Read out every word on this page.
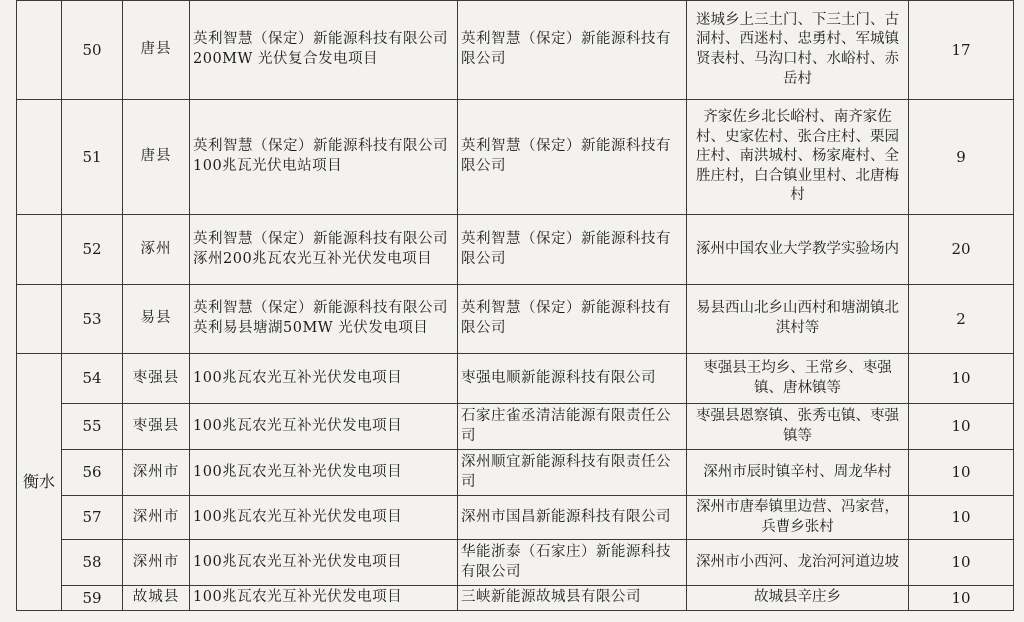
	50	唐县	英利智慧（保定）新能源科技有限公司200MW 光伏复合发电项目	英利智慧（保定）新能源科技有限公司	迷城乡上三土门、下三土门、古洞村、西迷村、忠勇村、军城镇贤表村、马沟口村、水峪村、赤岳村	17
	51	唐县	英利智慧（保定）新能源科技有限公司100兆瓦光伏电站项目	英利智慧（保定）新能源科技有限公司	齐家佐乡北长峪村、南齐家佐村、史家佐村、张合庄村、栗园庄村、南洪城村、杨家庵村、全胜庄村，白合镇业里村、北唐梅村	9
	52	涿州	英利智慧（保定）新能源科技有限公司涿州200兆瓦农光互补光伏发电项目	英利智慧（保定）新能源科技有限公司	涿州中国农业大学教学实验场内	20
	53	易县	英利智慧（保定）新能源科技有限公司英利易县塘湖50MW 光伏发电项目	英利智慧（保定）新能源科技有限公司	易县西山北乡山西村和塘湖镇北淇村等	2
衡水	54	枣强县	100兆瓦农光互补光伏发电项目	枣强电顺新能源科技有限公司	枣强县王均乡、王常乡、枣强镇、唐林镇等	10
	55	枣强县	100兆瓦农光互补光伏发电项目	石家庄雀丞清洁能源有限责任公司	枣强县恩察镇、张秀屯镇、枣强镇等	10
	56	深州市	100兆瓦农光互补光伏发电项目	深州顺宜新能源科技有限责任公司	深州市辰时镇辛村、周龙华村	10
	57	深州市	100兆瓦农光互补光伏发电项目	深州市国昌新能源科技有限公司	深州市唐奉镇里边营、冯家营，兵曹乡张村	10
	58	深州市	100兆瓦农光互补光伏发电项目	华能浙泰（石家庄）新能源科技有限公司	深州市小西河、龙治河河道边坡	10
	59	故城县	100兆瓦农光互补光伏发电项目	三峡新能源故城县有限公司	故城县辛庄乡	10
